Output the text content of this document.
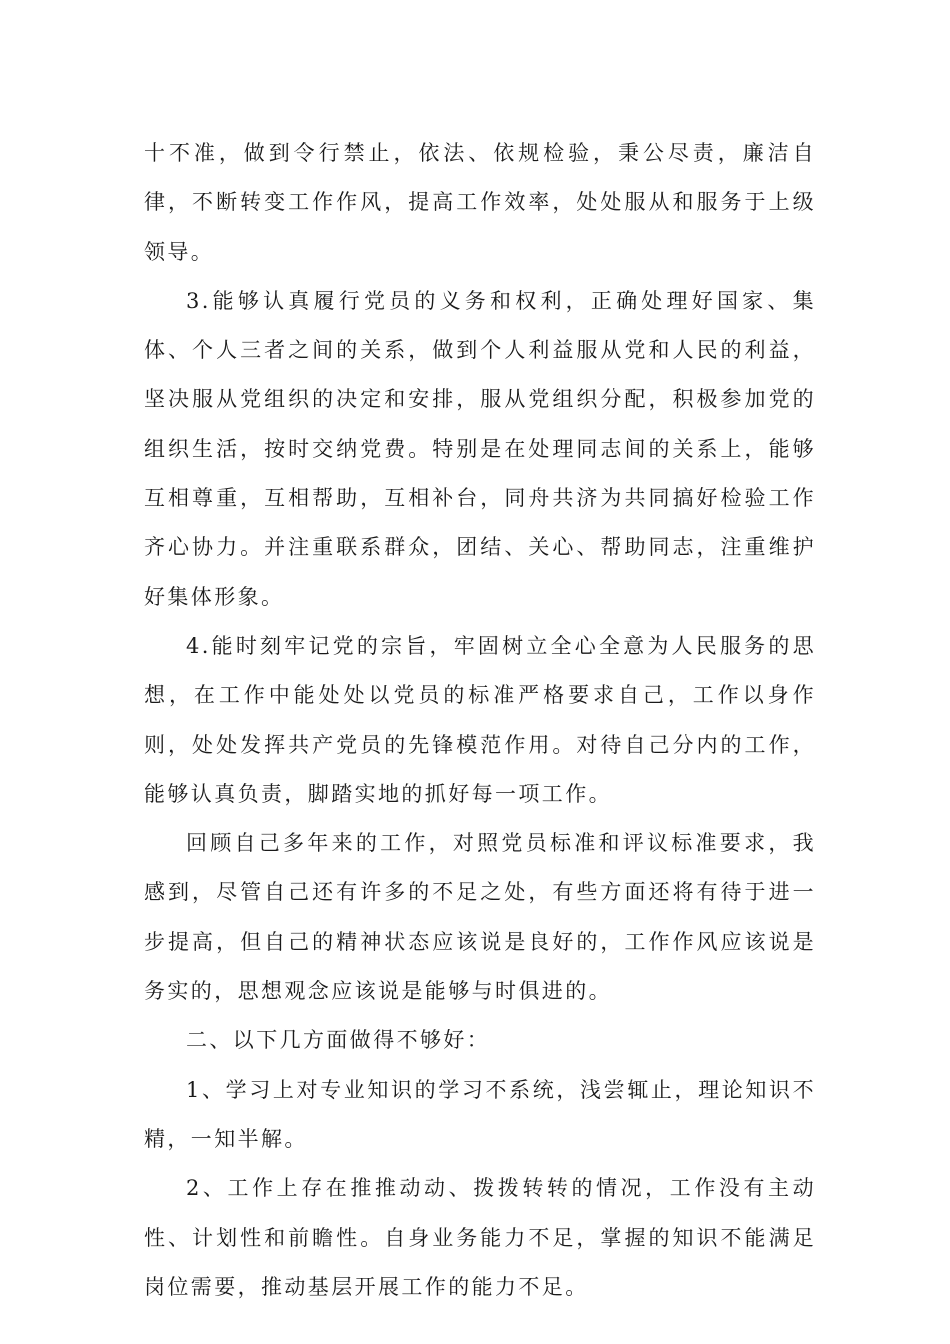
十不准，做到令行禁止，依法、依规检验，秉公尽责，廉洁自律，不断转变工作作风，提高工作效率，处处服从和服务于上级领导。

3.能够认真履行党员的义务和权利，正确处理好国家、集体、个人三者之间的关系，做到个人利益服从党和人民的利益，坚决服从党组织的决定和安排，服从党组织分配，积极参加党的组织生活，按时交纳党费。特别是在处理同志间的关系上，能够互相尊重，互相帮助，互相补台，同舟共济为共同搞好检验工作齐心协力。并注重联系群众，团结、关心、帮助同志，注重维护好集体形象。

4.能时刻牢记党的宗旨，牢固树立全心全意为人民服务的思想，在工作中能处处以党员的标准严格要求自己，工作以身作则，处处发挥共产党员的先锋模范作用。对待自己分内的工作，能够认真负责，脚踏实地的抓好每一项工作。

回顾自己多年来的工作，对照党员标准和评议标准要求，我感到，尽管自己还有许多的不足之处，有些方面还将有待于进一步提高，但自己的精神状态应该说是良好的，工作作风应该说是务实的，思想观念应该说是能够与时俱进的。

二、以下几方面做得不够好：

1、学习上对专业知识的学习不系统，浅尝辄止，理论知识不精，一知半解。

2、工作上存在推推动动、拨拨转转的情况，工作没有主动性、计划性和前瞻性。自身业务能力不足，掌握的知识不能满足岗位需要，推动基层开展工作的能力不足。
